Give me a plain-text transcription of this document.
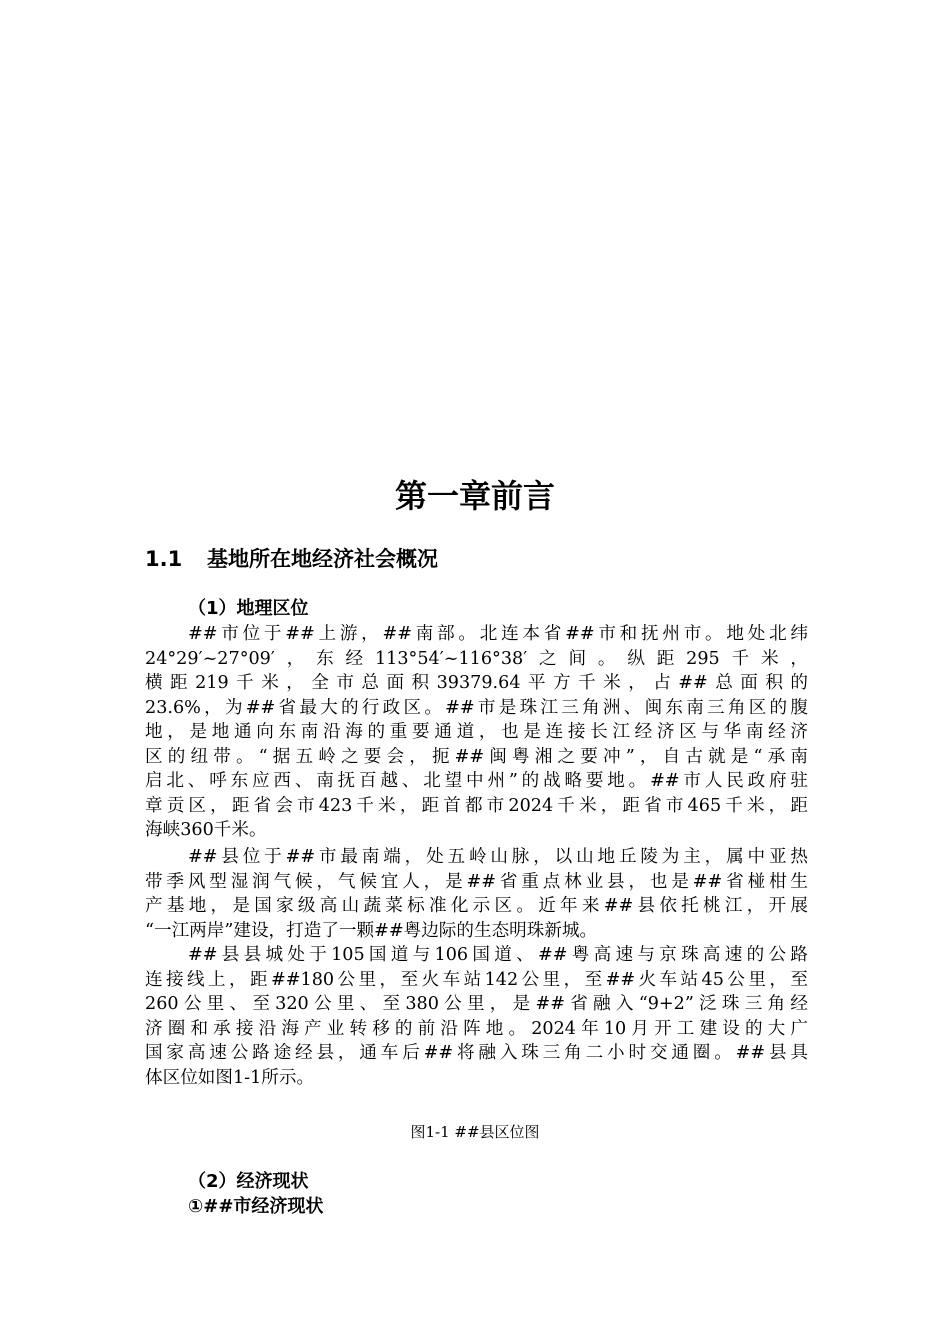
第一章前言
1.1 基地所在地经济社会概况
（1）地理区位
##市位于##上游，##南部。北连本省##市和抚州市。地处北纬
24°29′~27°09′，东经113°54′~116°38′之间。纵距295千米，
横距219千米，全市总面积39379.64平方千米，占##总面积的
23.6%，为##省最大的行政区。##市是珠江三角洲、闽东南三角区的腹
地，是地通向东南沿海的重要通道，也是连接长江经济区与华南经济
区的纽带。“据五岭之要会，扼##闽粤湘之要冲”，自古就是“承南
启北、呼东应西、南抚百越、北望中州”的战略要地。##市人民政府驻
章贡区，距省会市423千米，距首都市2024千米，距省市465千米，距
海峡360千米。
##县位于##市最南端，处五岭山脉，以山地丘陵为主，属中亚热
带季风型湿润气候，气候宜人，是##省重点林业县，也是##省椪柑生
产基地，是国家级高山蔬菜标准化示区。近年来##县依托桃江，开展
“一江两岸”建设，打造了一颗##粤边际的生态明珠新城。
##县县城处于105国道与106国道、##粤高速与京珠高速的公路
连接线上，距##180公里，至火车站142公里，至##火车站45公里，至
260公里、至320公里、至380公里，是##省融入“9+2”泛珠三角经
济圈和承接沿海产业转移的前沿阵地。2024年10月开工建设的大广
国家高速公路途经县，通车后##将融入珠三角二小时交通圈。##县具
体区位如图1-1所示。

图1-1 ##县区位图

（2）经济现状
①##市经济现状
